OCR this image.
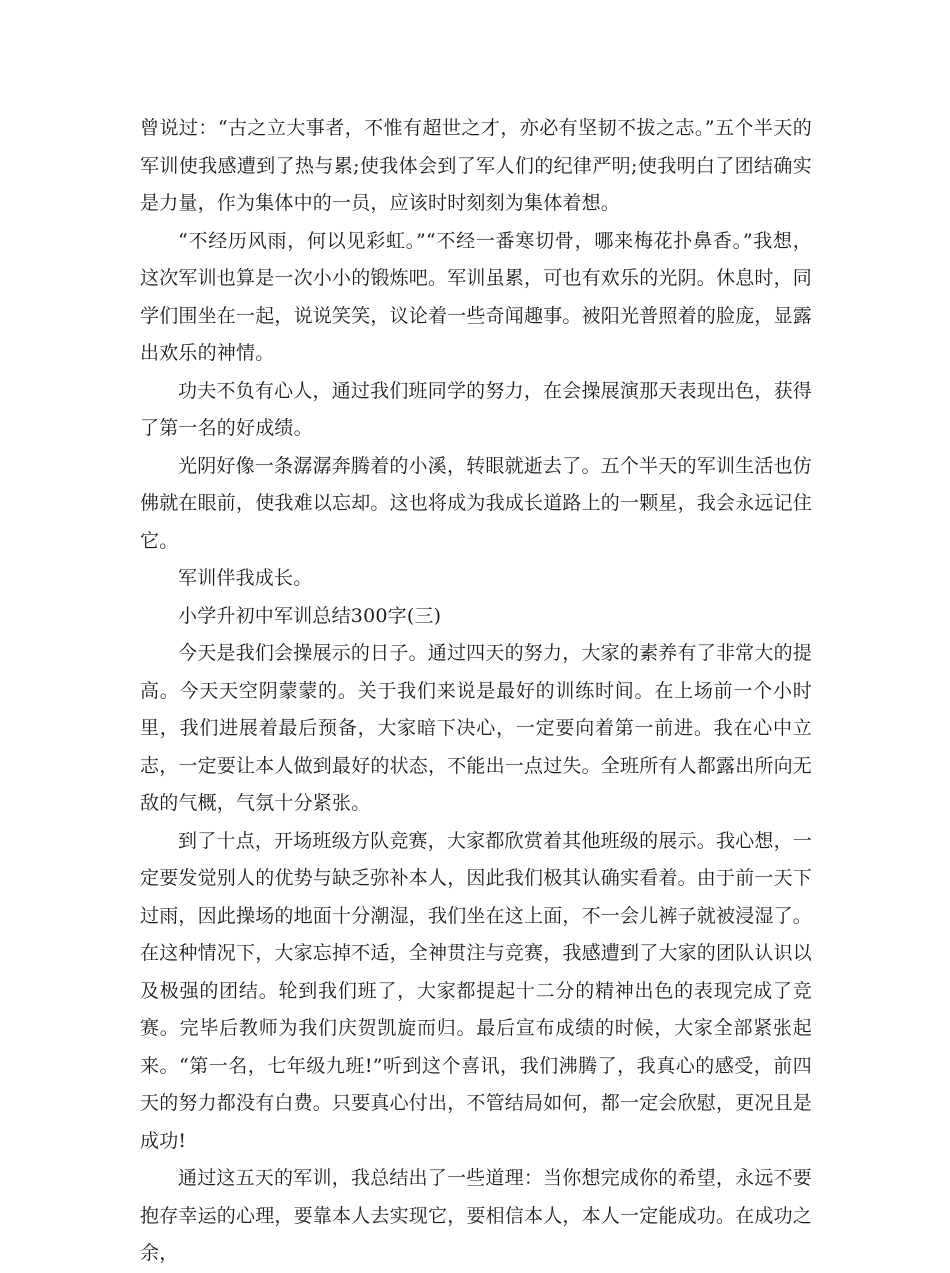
曾说过：“古之立大事者，不惟有超世之才，亦必有坚韧不拔之志。”五个半天的军训使我感遭到了热与累;使我体会到了军人们的纪律严明;使我明白了团结确实是力量，作为集体中的一员，应该时时刻刻为集体着想。

“不经历风雨，何以见彩虹。”“不经一番寒切骨，哪来梅花扑鼻香。”我想，这次军训也算是一次小小的锻炼吧。军训虽累，可也有欢乐的光阴。休息时，同学们围坐在一起，说说笑笑，议论着一些奇闻趣事。被阳光普照着的脸庞，显露出欢乐的神情。

功夫不负有心人，通过我们班同学的努力，在会操展演那天表现出色，获得了第一名的好成绩。

光阴好像一条潺潺奔腾着的小溪，转眼就逝去了。五个半天的军训生活也仿佛就在眼前，使我难以忘却。这也将成为我成长道路上的一颗星，我会永远记住它。

军训伴我成长。

小学升初中军训总结300字(三)

今天是我们会操展示的日子。通过四天的努力，大家的素养有了非常大的提高。今天天空阴蒙蒙的。关于我们来说是最好的训练时间。在上场前一个小时里，我们进展着最后预备，大家暗下决心，一定要向着第一前进。我在心中立志，一定要让本人做到最好的状态，不能出一点过失。全班所有人都露出所向无敌的气概，气氛十分紧张。

到了十点，开场班级方队竞赛，大家都欣赏着其他班级的展示。我心想，一定要发觉别人的优势与缺乏弥补本人，因此我们极其认确实看着。由于前一天下过雨，因此操场的地面十分潮湿，我们坐在这上面，不一会儿裤子就被浸湿了。在这种情况下，大家忘掉不适，全神贯注与竞赛，我感遭到了大家的团队认识以及极强的团结。轮到我们班了，大家都提起十二分的精神出色的表现完成了竞赛。完毕后教师为我们庆贺凯旋而归。最后宣布成绩的时候，大家全部紧张起来。“第一名，七年级九班!”听到这个喜讯，我们沸腾了，我真心的感受，前四天的努力都没有白费。只要真心付出，不管结局如何，都一定会欣慰，更况且是成功!

通过这五天的军训，我总结出了一些道理：当你想完成你的希望，永远不要抱存幸运的心理，要靠本人去实现它，要相信本人，本人一定能成功。在成功之余，
